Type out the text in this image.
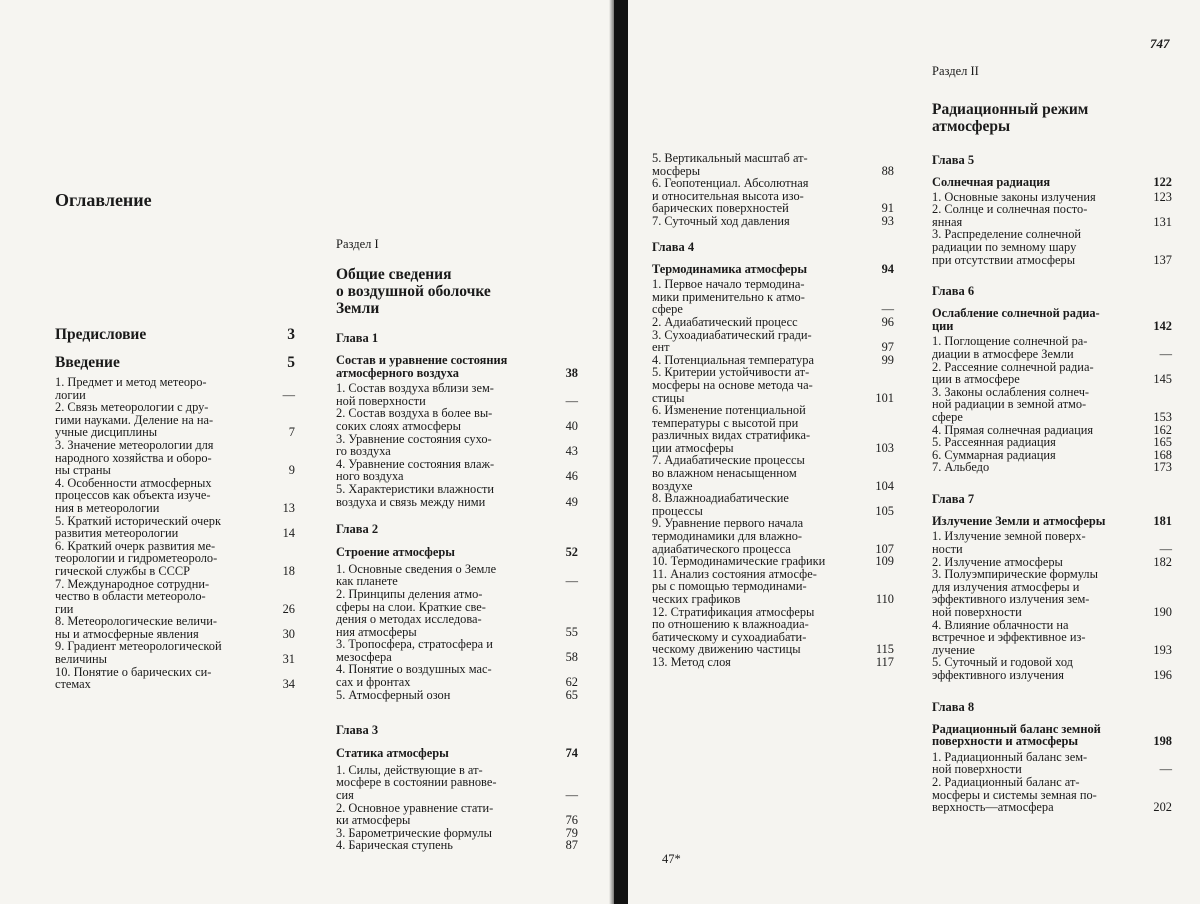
Оглавление

Предисловие	3
Введение	5
1. Предмет и метод метеоро-
логии	—
2. Связь метеорологии с дру-
гими науками. Деление на на-
учные дисциплины	7
3. Значение метеорологии для
народного хозяйства и оборо-
ны страны	9
4. Особенности атмосферных
процессов как объекта изуче-
ния в метеорологии	13
5. Краткий исторический очерк
развития метеорологии	14
6. Краткий очерк развития ме-
теорологии и гидрометеороло-
гической службы в СССР	18
7. Международное сотрудни-
чество в области метеороло-
гии	26
8. Метеорологические величи-
ны и атмосферные явления	30
9. Градиент метеорологической
величины	31
10. Понятие о барических си-
стемах	34

Раздел I

Общие сведения
о воздушной оболочке
Земли

Глава 1

Состав и уравнение состояния
атмосферного воздуха	38
1. Состав воздуха вблизи зем-
ной поверхности	—
2. Состав воздуха в более вы-
соких слоях атмосферы	40
3. Уравнение состояния сухо-
го воздуха	43
4. Уравнение состояния влаж-
ного воздуха	46
5. Характеристики влажности
воздуха и связь между ними	49

Глава 2

Строение атмосферы	52
1. Основные сведения о Земле
как планете	—
2. Принципы деления атмо-
сферы на слои. Краткие све-
дения о методах исследова-
ния атмосферы	55
3. Тропосфера, стратосфера и
мезосфера	58
4. Понятие о воздушных мас-
сах и фронтах	62
5. Атмосферный озон	65

Глава 3

Статика атмосферы	74
1. Силы, действующие в ат-
мосфере в состоянии равнове-
сия	—
2. Основное уравнение стати-
ки атмосферы	76
3. Барометрические формулы	79
4. Барическая ступень	87

747

5. Вертикальный масштаб ат-
мосферы	88
6. Геопотенциал. Абсолютная
и относительная высота изо-
барических поверхностей	91
7. Суточный ход давления	93

Глава 4

Термодинамика атмосферы	94
1. Первое начало термодина-
мики применительно к атмо-
сфере	—
2. Адиабатический процесс	96
3. Сухоадиабатический гради-
ент	97
4. Потенциальная температура	99
5. Критерии устойчивости ат-
мосферы на основе метода ча-
стицы	101
6. Изменение потенциальной
температуры с высотой при
различных видах стратифика-
ции атмосферы	103
7. Адиабатические процессы
во влажном ненасыщенном
воздухе	104
8. Влажноадиабатические
процессы	105
9. Уравнение первого начала
термодинамики для влажно-
адиабатического процесса	107
10. Термодинамические графики	109
11. Анализ состояния атмосфе-
ры с помощью термодинами-
ческих графиков	110
12. Стратификация атмосферы
по отношению к влажноадиа-
батическому и сухоадиабати-
ческому движению частицы	115
13. Метод слоя	117

47*

Раздел II

Радиационный режим
атмосферы

Глава 5

Солнечная радиация	122
1. Основные законы излучения	123
2. Солнце и солнечная посто-
янная	131
3. Распределение солнечной
радиации по земному шару
при отсутствии атмосферы	137

Глава 6

Ослабление солнечной радиа-
ции	142
1. Поглощение солнечной ра-
диации в атмосфере Земли	—
2. Рассеяние солнечной радиа-
ции в атмосфере	145
3. Законы ослабления солнеч-
ной радиации в земной атмо-
сфере	153
4. Прямая солнечная радиация	162
5. Рассеянная радиация	165
6. Суммарная радиация	168
7. Альбедо	173

Глава 7

Излучение Земли и атмосферы	181
1. Излучение земной поверх-
ности	—
2. Излучение атмосферы	182
3. Полуэмпирические формулы
для излучения атмосферы и
эффективного излучения зем-
ной поверхности	190
4. Влияние облачности на
встречное и эффективное из-
лучение	193
5. Суточный и годовой ход
эффективного излучения	196

Глава 8

Радиационный баланс земной
поверхности и атмосферы	198
1. Радиационный баланс зем-
ной поверхности	—
2. Радиационный баланс ат-
мосферы и системы земная по-
верхность—атмосфера	202
